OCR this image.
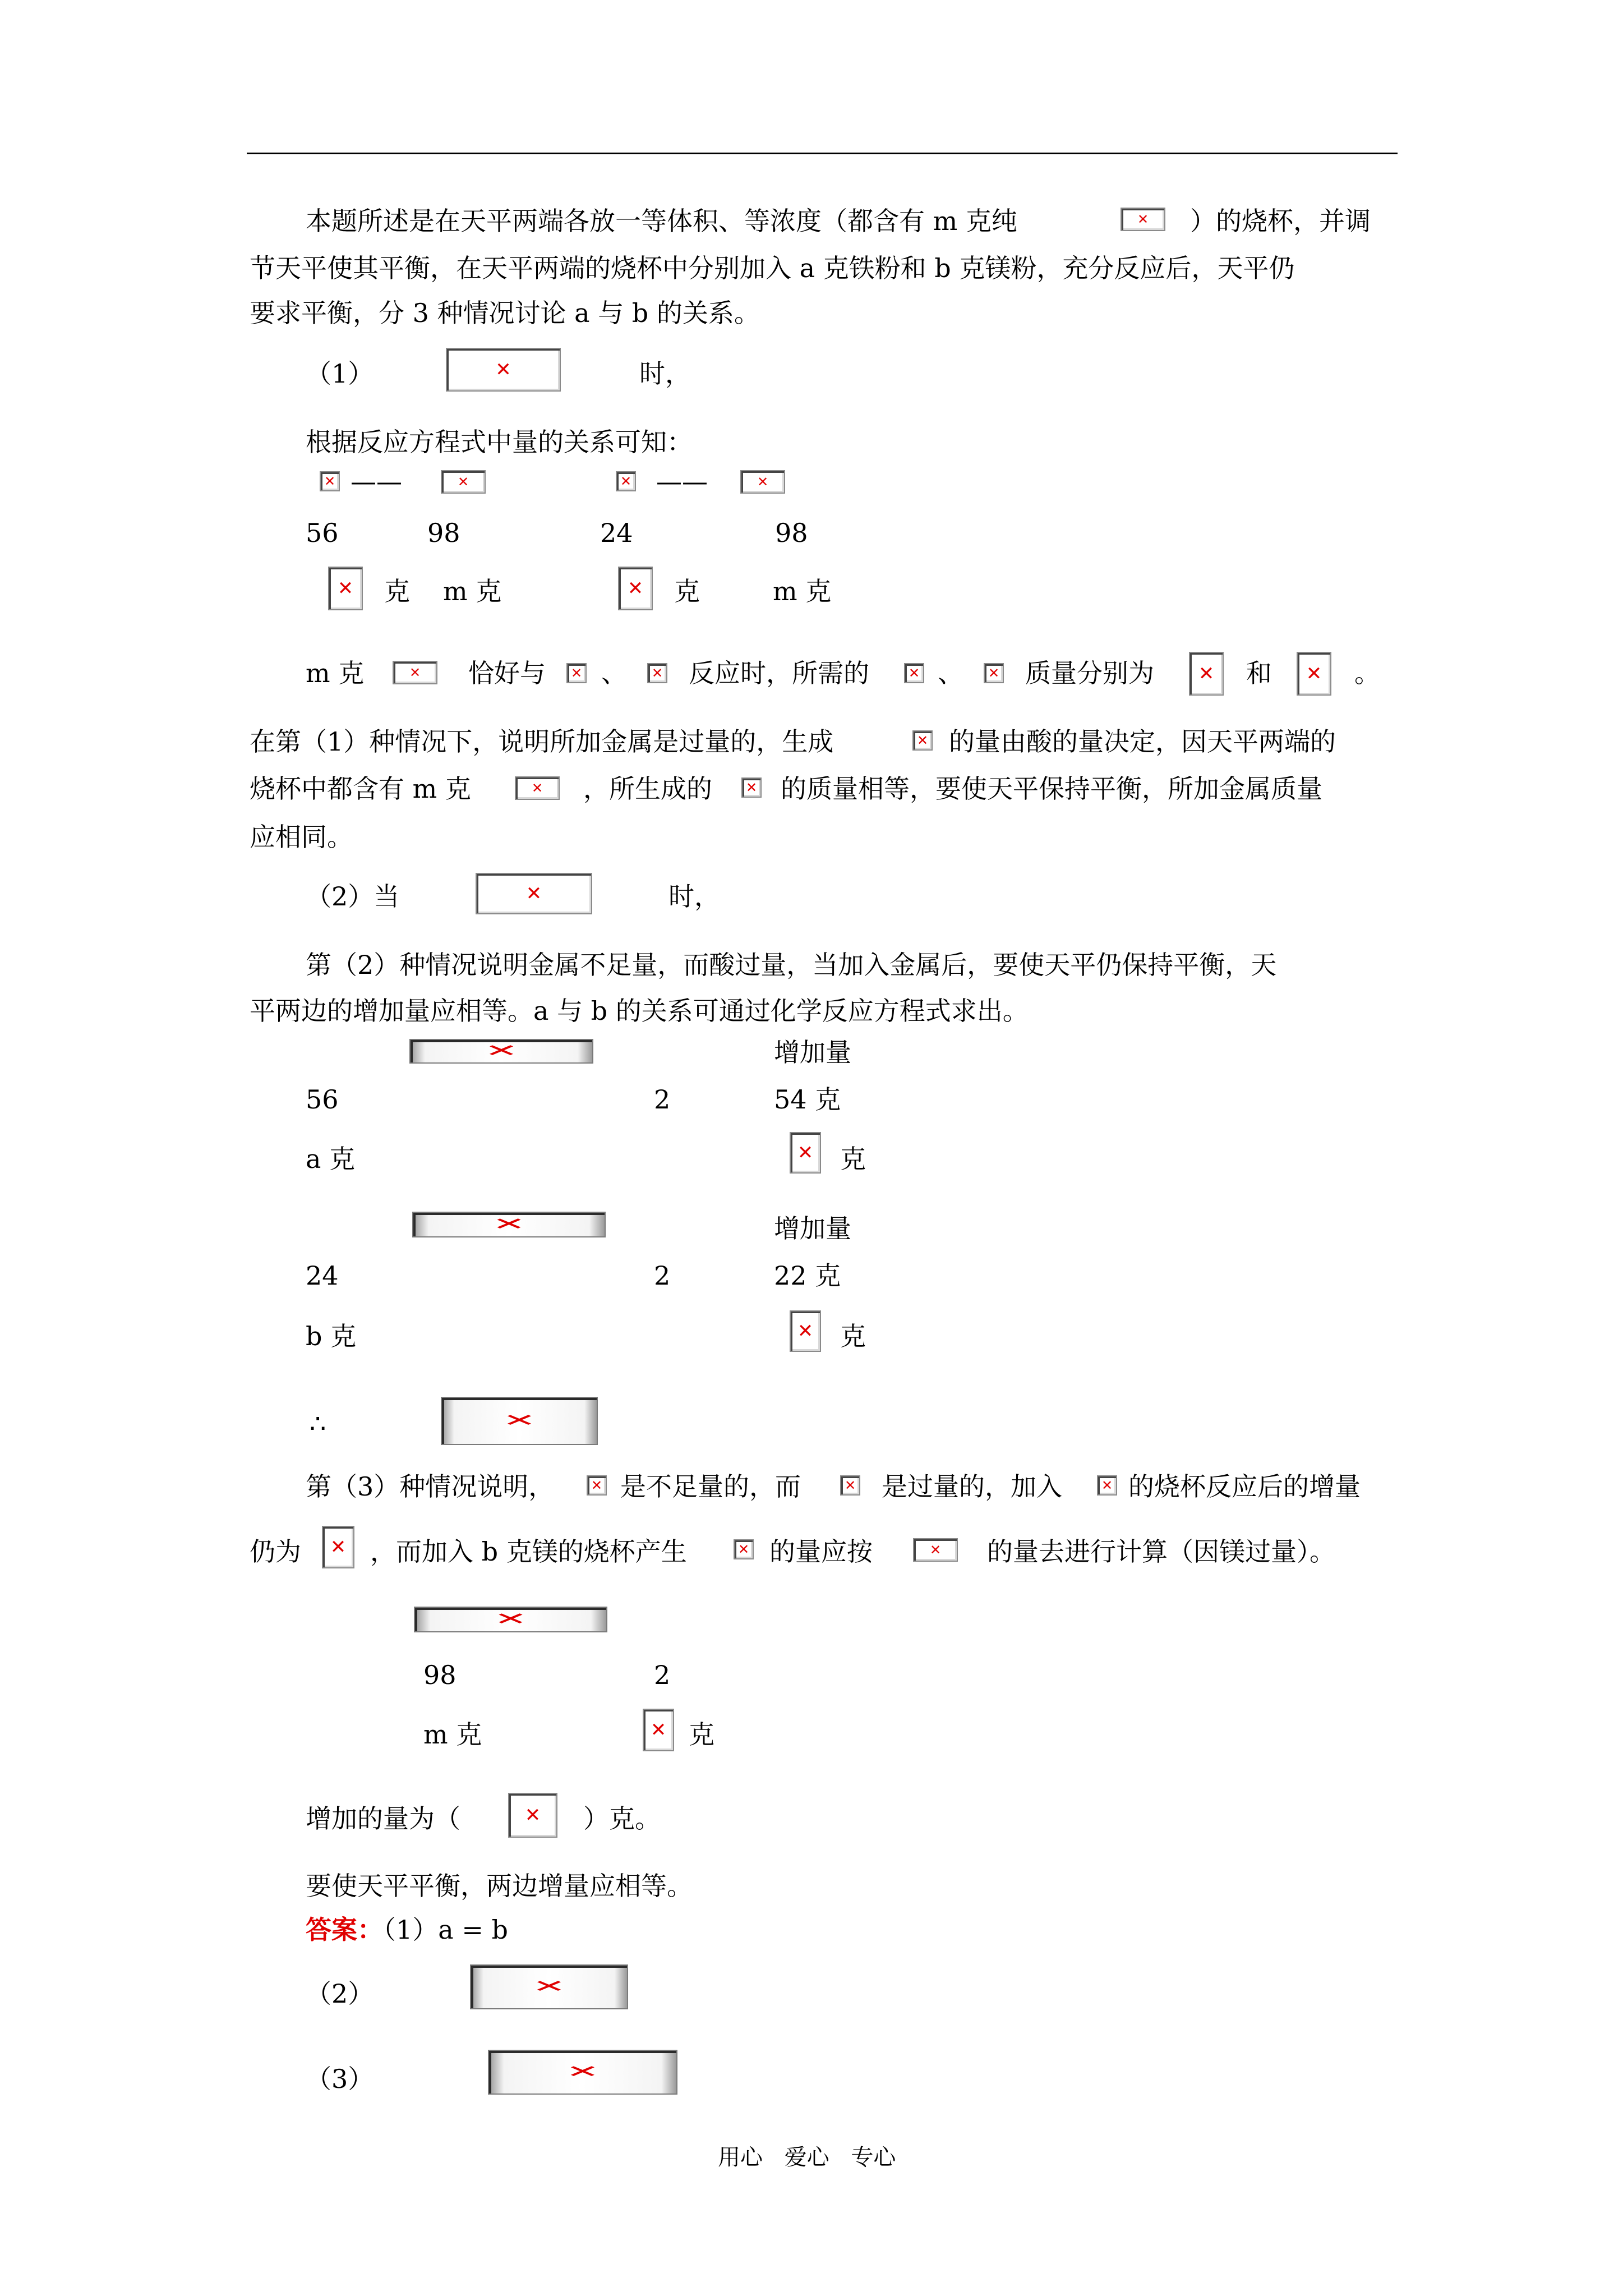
本题所述是在天平两端各放一等体积、等浓度（都含有 m 克纯 ✕	）的烧杯，并调
节天平使其平衡，在天平两端的烧杯中分别加入 a 克铁粉和 b 克镁粉，充分反应后，天平仍
要求平衡，分 3 种情况讨论 a 与 b 的关系。
（1） ✕	时，
根据反应方程式中量的关系可知：
✕
—— ✕ ✕	——
✕
56	98	24	98
✕
克 m 克 ✕	克	m 克
m 克 ✕	恰好与 ✕ 、 ✕ 反应时，所需的 ✕	、 ✕ 质量分别为 ✕	和 ✕	。
在第（1）种情况下，说明所加金属是过量的，生成 ✕	的量由酸的量决定，因天平两端的
烧杯中都含有 m 克 ✕	，所生成的 ✕	的质量相等，要使天平保持平衡，所加金属质量
应相同。
（2）当 ✕	时，
第（2）种情况说明金属不足量，而酸过量，当加入金属后，要使天平仍保持平衡，天
平两边的增加量应相等。a 与 b 的关系可通过化学反应方程式求出。
✕
增加量
56	2	54 克
a 克 ✕	克
✕
增加量
24	2	22 克
b 克 ✕	克
∴
✕
第（3）种情况说明， ✕	是不足量的，而 ✕	是过量的，加入 ✕	的烧杯反应后的增量
仍为 ✕	，而加入 b 克镁的烧杯产生 ✕	的量应按 ✕	的量去进行计算（因镁过量）。
✕
98	2
m 克 ✕	克
增加的量为（ ✕	）克。
要使天平平衡，两边增量应相等。
答案：（1）a = b
（2）
✕
（3）
✕
用心 爱心 专心
